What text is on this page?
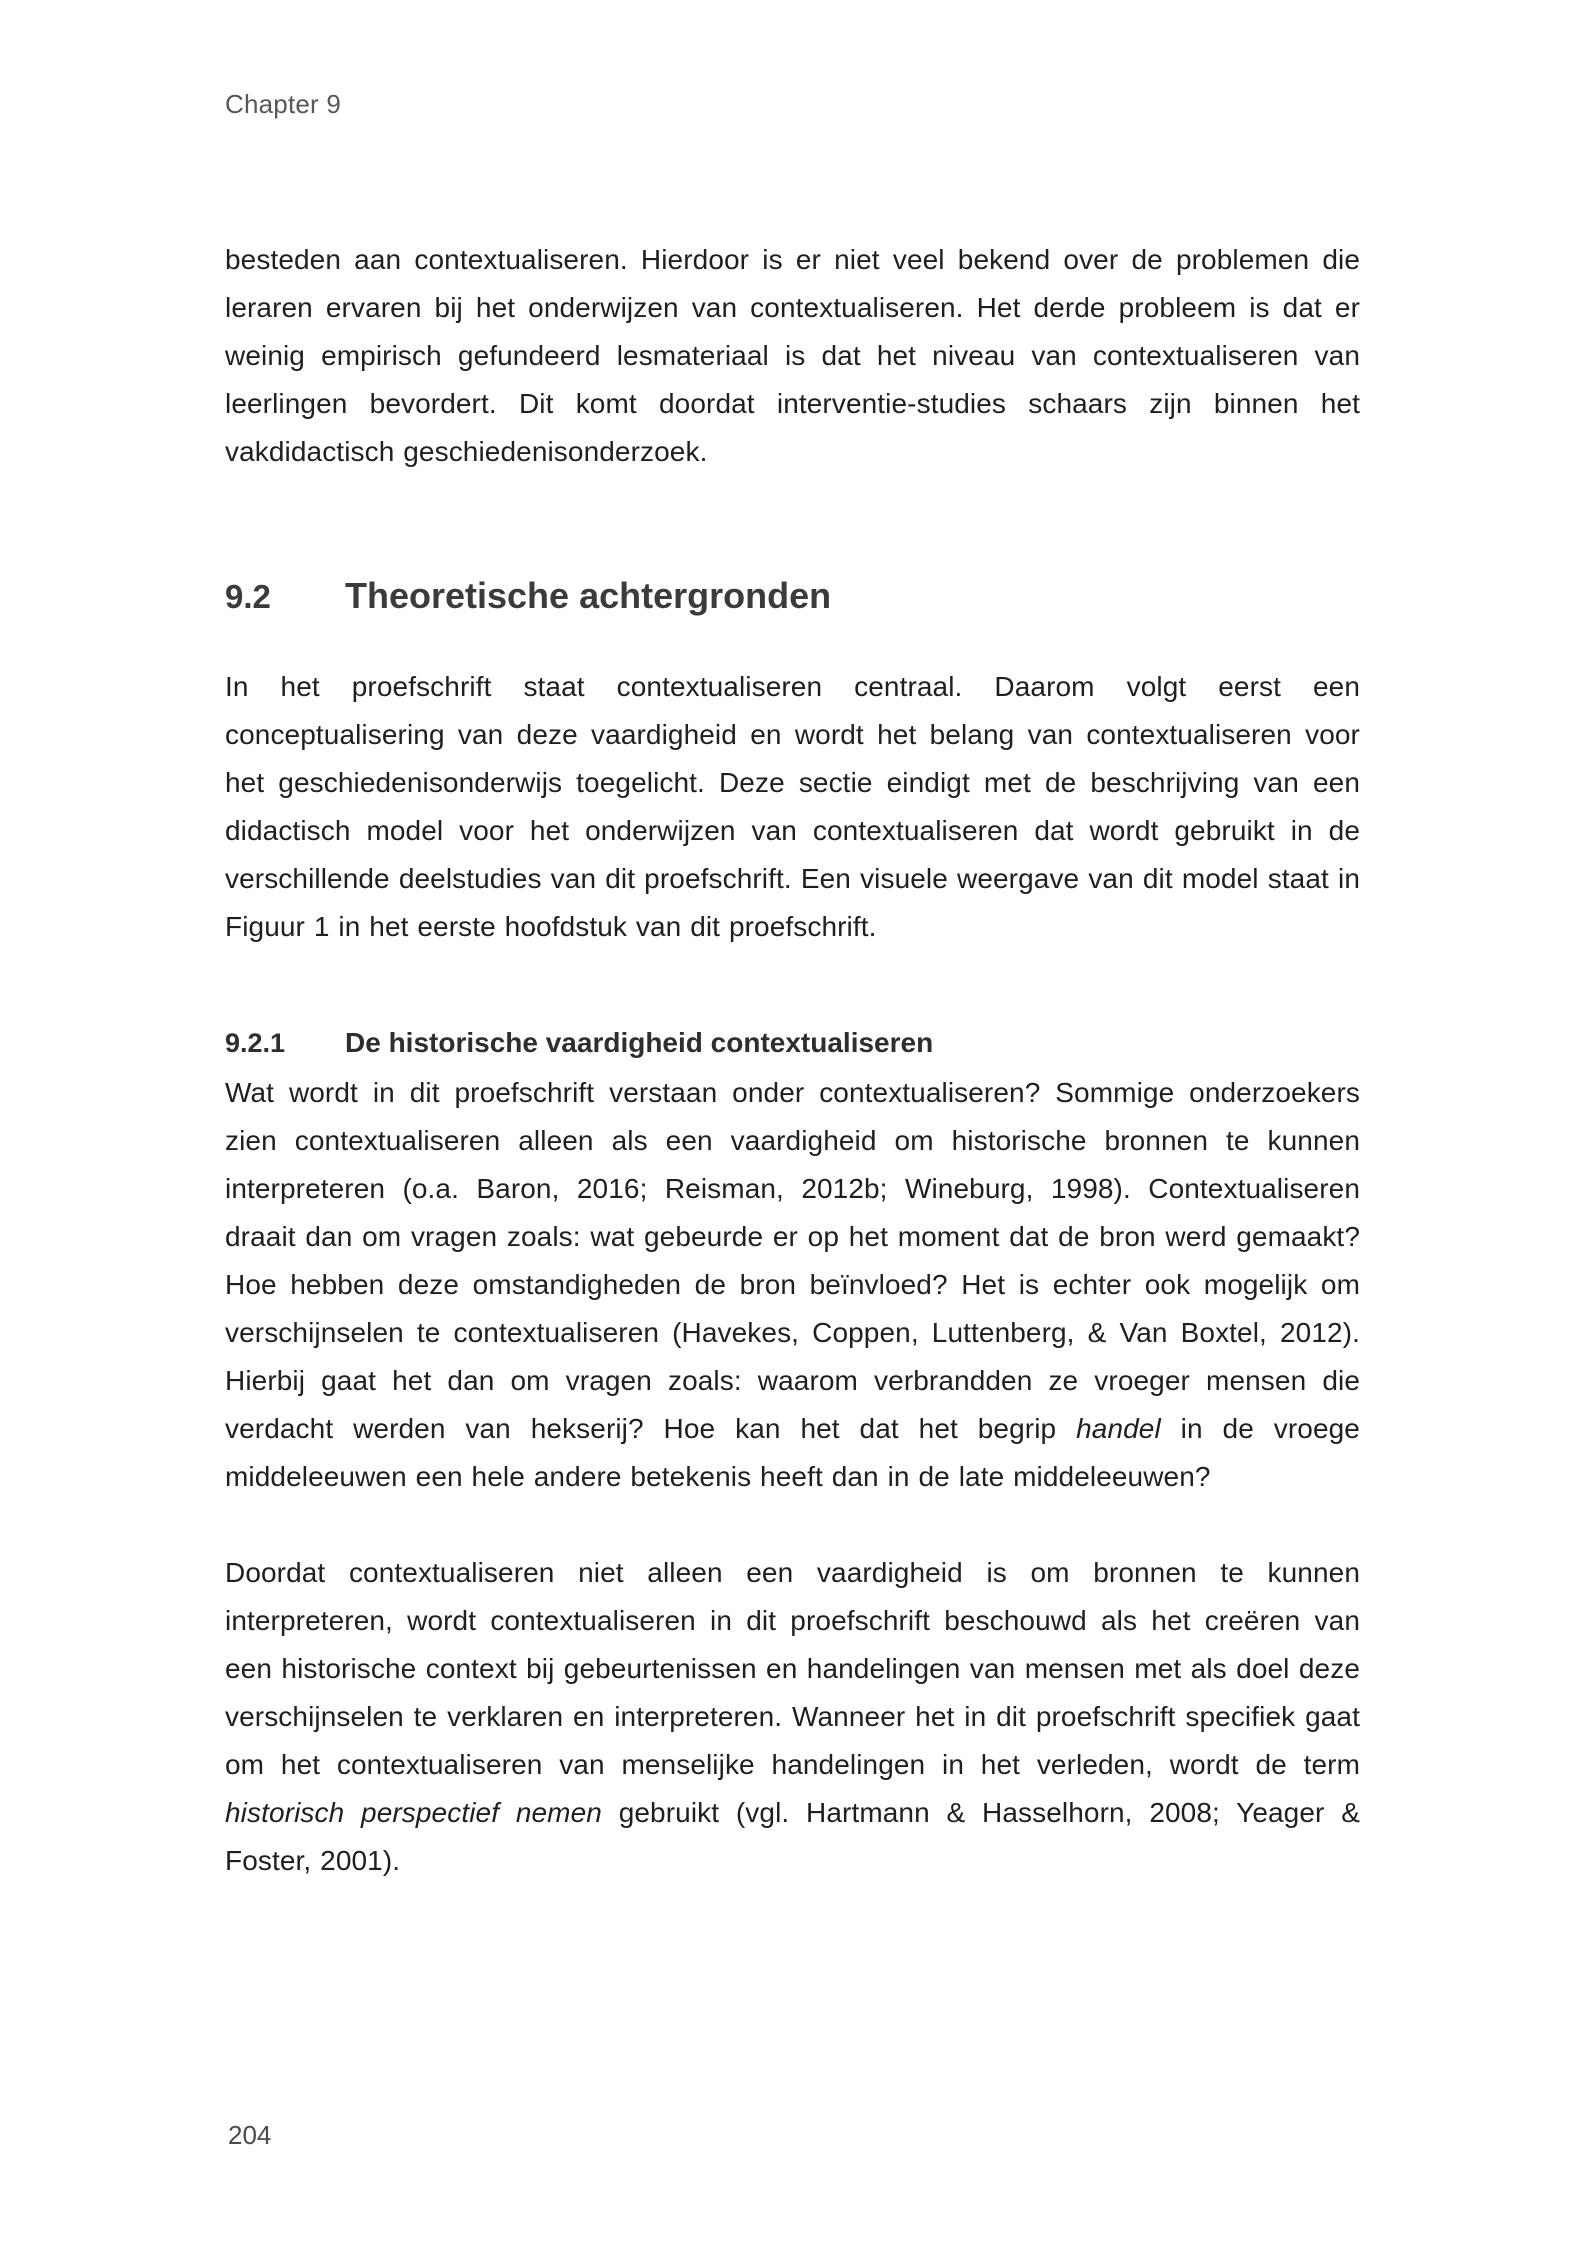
Chapter 9

besteden aan contextualiseren. Hierdoor is er niet veel bekend over de problemen die leraren ervaren bij het onderwijzen van contextualiseren. Het derde probleem is dat er weinig empirisch gefundeerd lesmateriaal is dat het niveau van contextualiseren van leerlingen bevordert. Dit komt doordat interventie-studies schaars zijn binnen het vakdidactisch geschiedenisonderzoek.

9.2	Theoretische achtergronden

In het proefschrift staat contextualiseren centraal. Daarom volgt eerst een conceptualisering van deze vaardigheid en wordt het belang van contextualiseren voor het geschiedenisonderwijs toegelicht. Deze sectie eindigt met de beschrijving van een didactisch model voor het onderwijzen van contextualiseren dat wordt gebruikt in de verschillende deelstudies van dit proefschrift. Een visuele weergave van dit model staat in Figuur 1 in het eerste hoofdstuk van dit proefschrift.

9.2.1	De historische vaardigheid contextualiseren

Wat wordt in dit proefschrift verstaan onder contextualiseren? Sommige onderzoekers zien contextualiseren alleen als een vaardigheid om historische bronnen te kunnen interpreteren (o.a. Baron, 2016; Reisman, 2012b; Wineburg, 1998). Contextualiseren draait dan om vragen zoals: wat gebeurde er op het moment dat de bron werd gemaakt? Hoe hebben deze omstandigheden de bron beïnvloed? Het is echter ook mogelijk om verschijnselen te contextualiseren (Havekes, Coppen, Luttenberg, & Van Boxtel, 2012). Hierbij gaat het dan om vragen zoals: waarom verbrandden ze vroeger mensen die verdacht werden van hekserij? Hoe kan het dat het begrip handel in de vroege middeleeuwen een hele andere betekenis heeft dan in de late middeleeuwen?

Doordat contextualiseren niet alleen een vaardigheid is om bronnen te kunnen interpreteren, wordt contextualiseren in dit proefschrift beschouwd als het creëren van een historische context bij gebeurtenissen en handelingen van mensen met als doel deze verschijnselen te verklaren en interpreteren. Wanneer het in dit proefschrift specifiek gaat om het contextualiseren van menselijke handelingen in het verleden, wordt de term historisch perspectief nemen gebruikt (vgl. Hartmann & Hasselhorn, 2008; Yeager & Foster, 2001).

204
